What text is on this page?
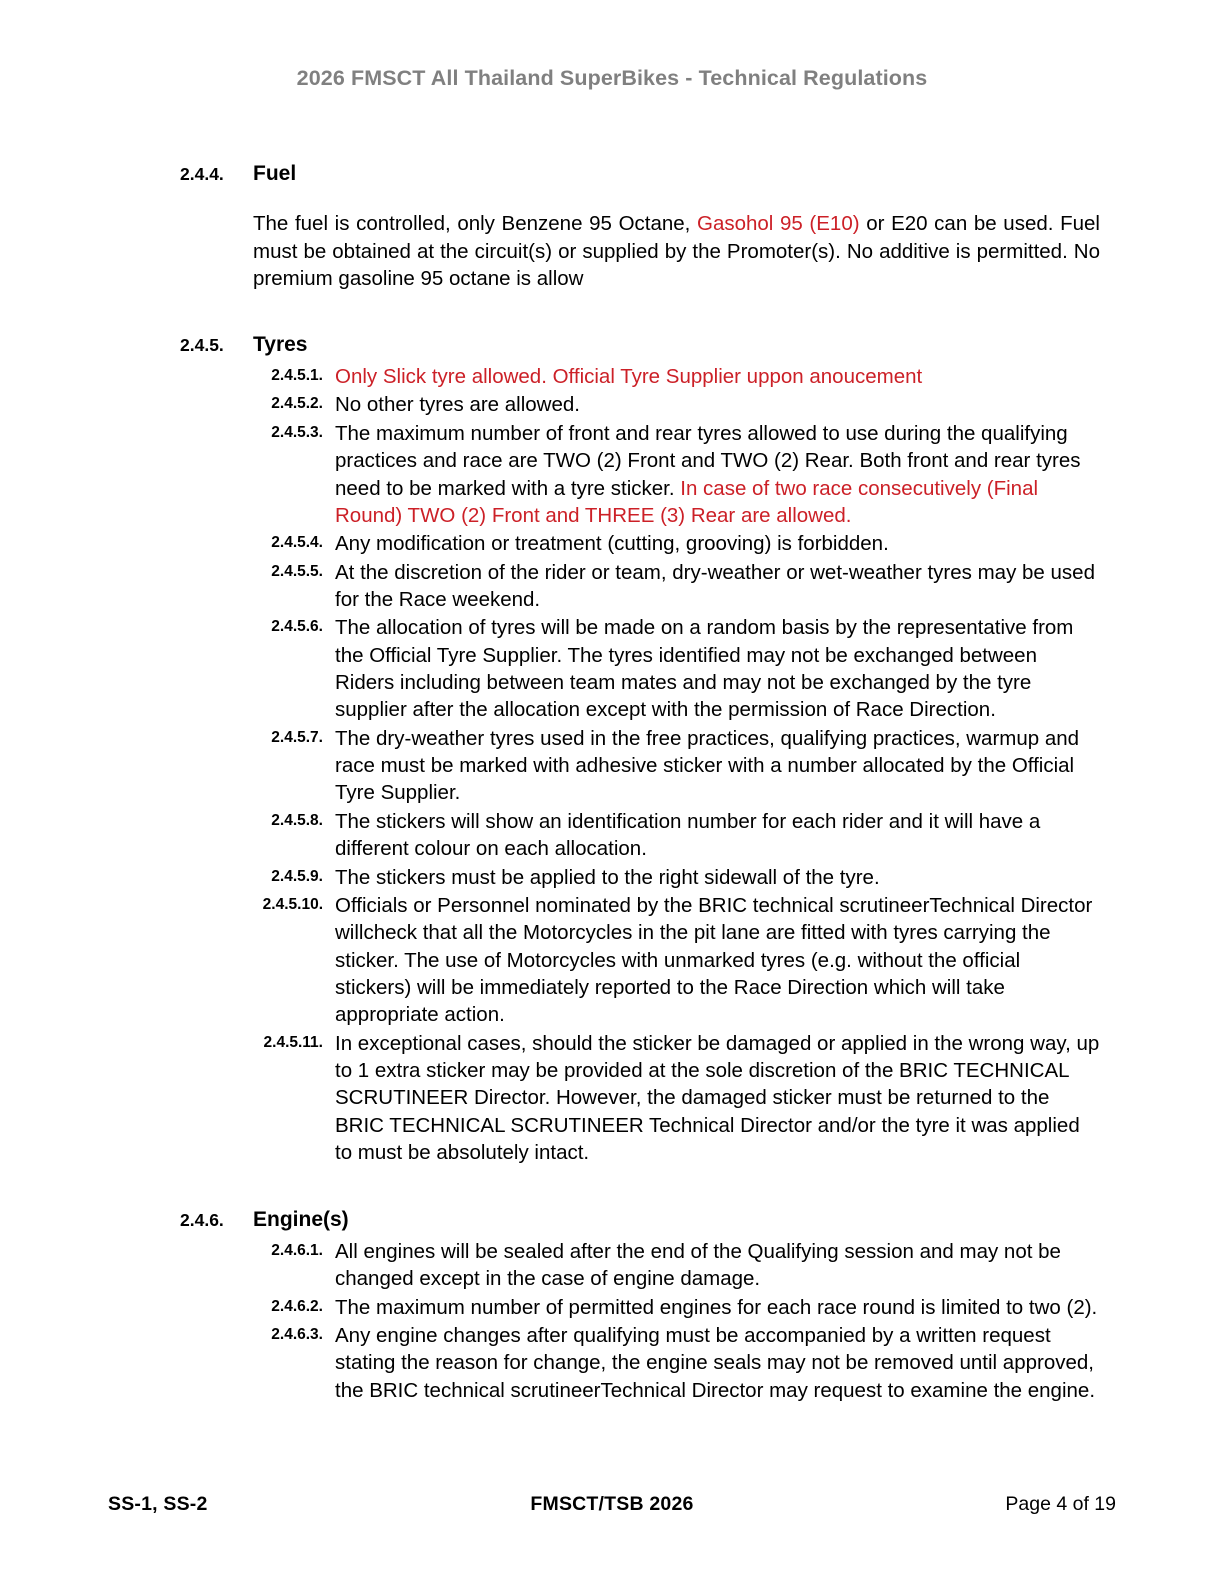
2026 FMSCT All Thailand SuperBikes - Technical Regulations
2.4.4.	Fuel

The fuel is controlled, only Benzene 95 Octane, Gasohol 95 (E10) or E20 can be used. Fuel must be obtained at the circuit(s) or supplied by the Promoter(s). No additive is permitted. No premium gasoline 95 octane is allow

2.4.5.	Tyres
2.4.5.1. Only Slick tyre allowed. Official Tyre Supplier uppon anoucement
2.4.5.2. No other tyres are allowed.
2.4.5.3. The maximum number of front and rear tyres allowed to use during the qualifying practices and race are TWO (2) Front and TWO (2) Rear. Both front and rear tyres need to be marked with a tyre sticker. In case of two race consecutively (Final Round) TWO (2) Front and THREE (3) Rear are allowed.
2.4.5.4. Any modification or treatment (cutting, grooving) is forbidden.
2.4.5.5. At the discretion of the rider or team, dry-weather or wet-weather tyres may be used for the Race weekend.
2.4.5.6. The allocation of tyres will be made on a random basis by the representative from the Official Tyre Supplier. The tyres identified may not be exchanged between Riders including between team mates and may not be exchanged by the tyre supplier after the allocation except with the permission of Race Direction.
2.4.5.7. The dry-weather tyres used in the free practices, qualifying practices, warmup and race must be marked with adhesive sticker with a number allocated by the Official Tyre Supplier.
2.4.5.8. The stickers will show an identification number for each rider and it will have a different colour on each allocation.
2.4.5.9. The stickers must be applied to the right sidewall of the tyre.
2.4.5.10. Officials or Personnel nominated by the BRIC technical scrutineerTechnical Director willcheck that all the Motorcycles in the pit lane are fitted with tyres carrying the sticker. The use of Motorcycles with unmarked tyres (e.g. without the official stickers) will be immediately reported to the Race Direction which will take appropriate action.
2.4.5.11. In exceptional cases, should the sticker be damaged or applied in the wrong way, up to 1 extra sticker may be provided at the sole discretion of the BRIC TECHNICAL SCRUTINEER Director. However, the damaged sticker must be returned to the BRIC TECHNICAL SCRUTINEER Technical Director and/or the tyre it was applied to must be absolutely intact.
2.4.6.	Engine(s)
2.4.6.1. All engines will be sealed after the end of the Qualifying session and may not be changed except in the case of engine damage.
2.4.6.2. The maximum number of permitted engines for each race round is limited to two (2).
2.4.6.3. Any engine changes after qualifying must be accompanied by a written request stating the reason for change, the engine seals may not be removed until approved, the BRIC technical scrutineerTechnical Director may request to examine the engine.
SS-1, SS-2	FMSCT/TSB 2026	Page 4 of 19
